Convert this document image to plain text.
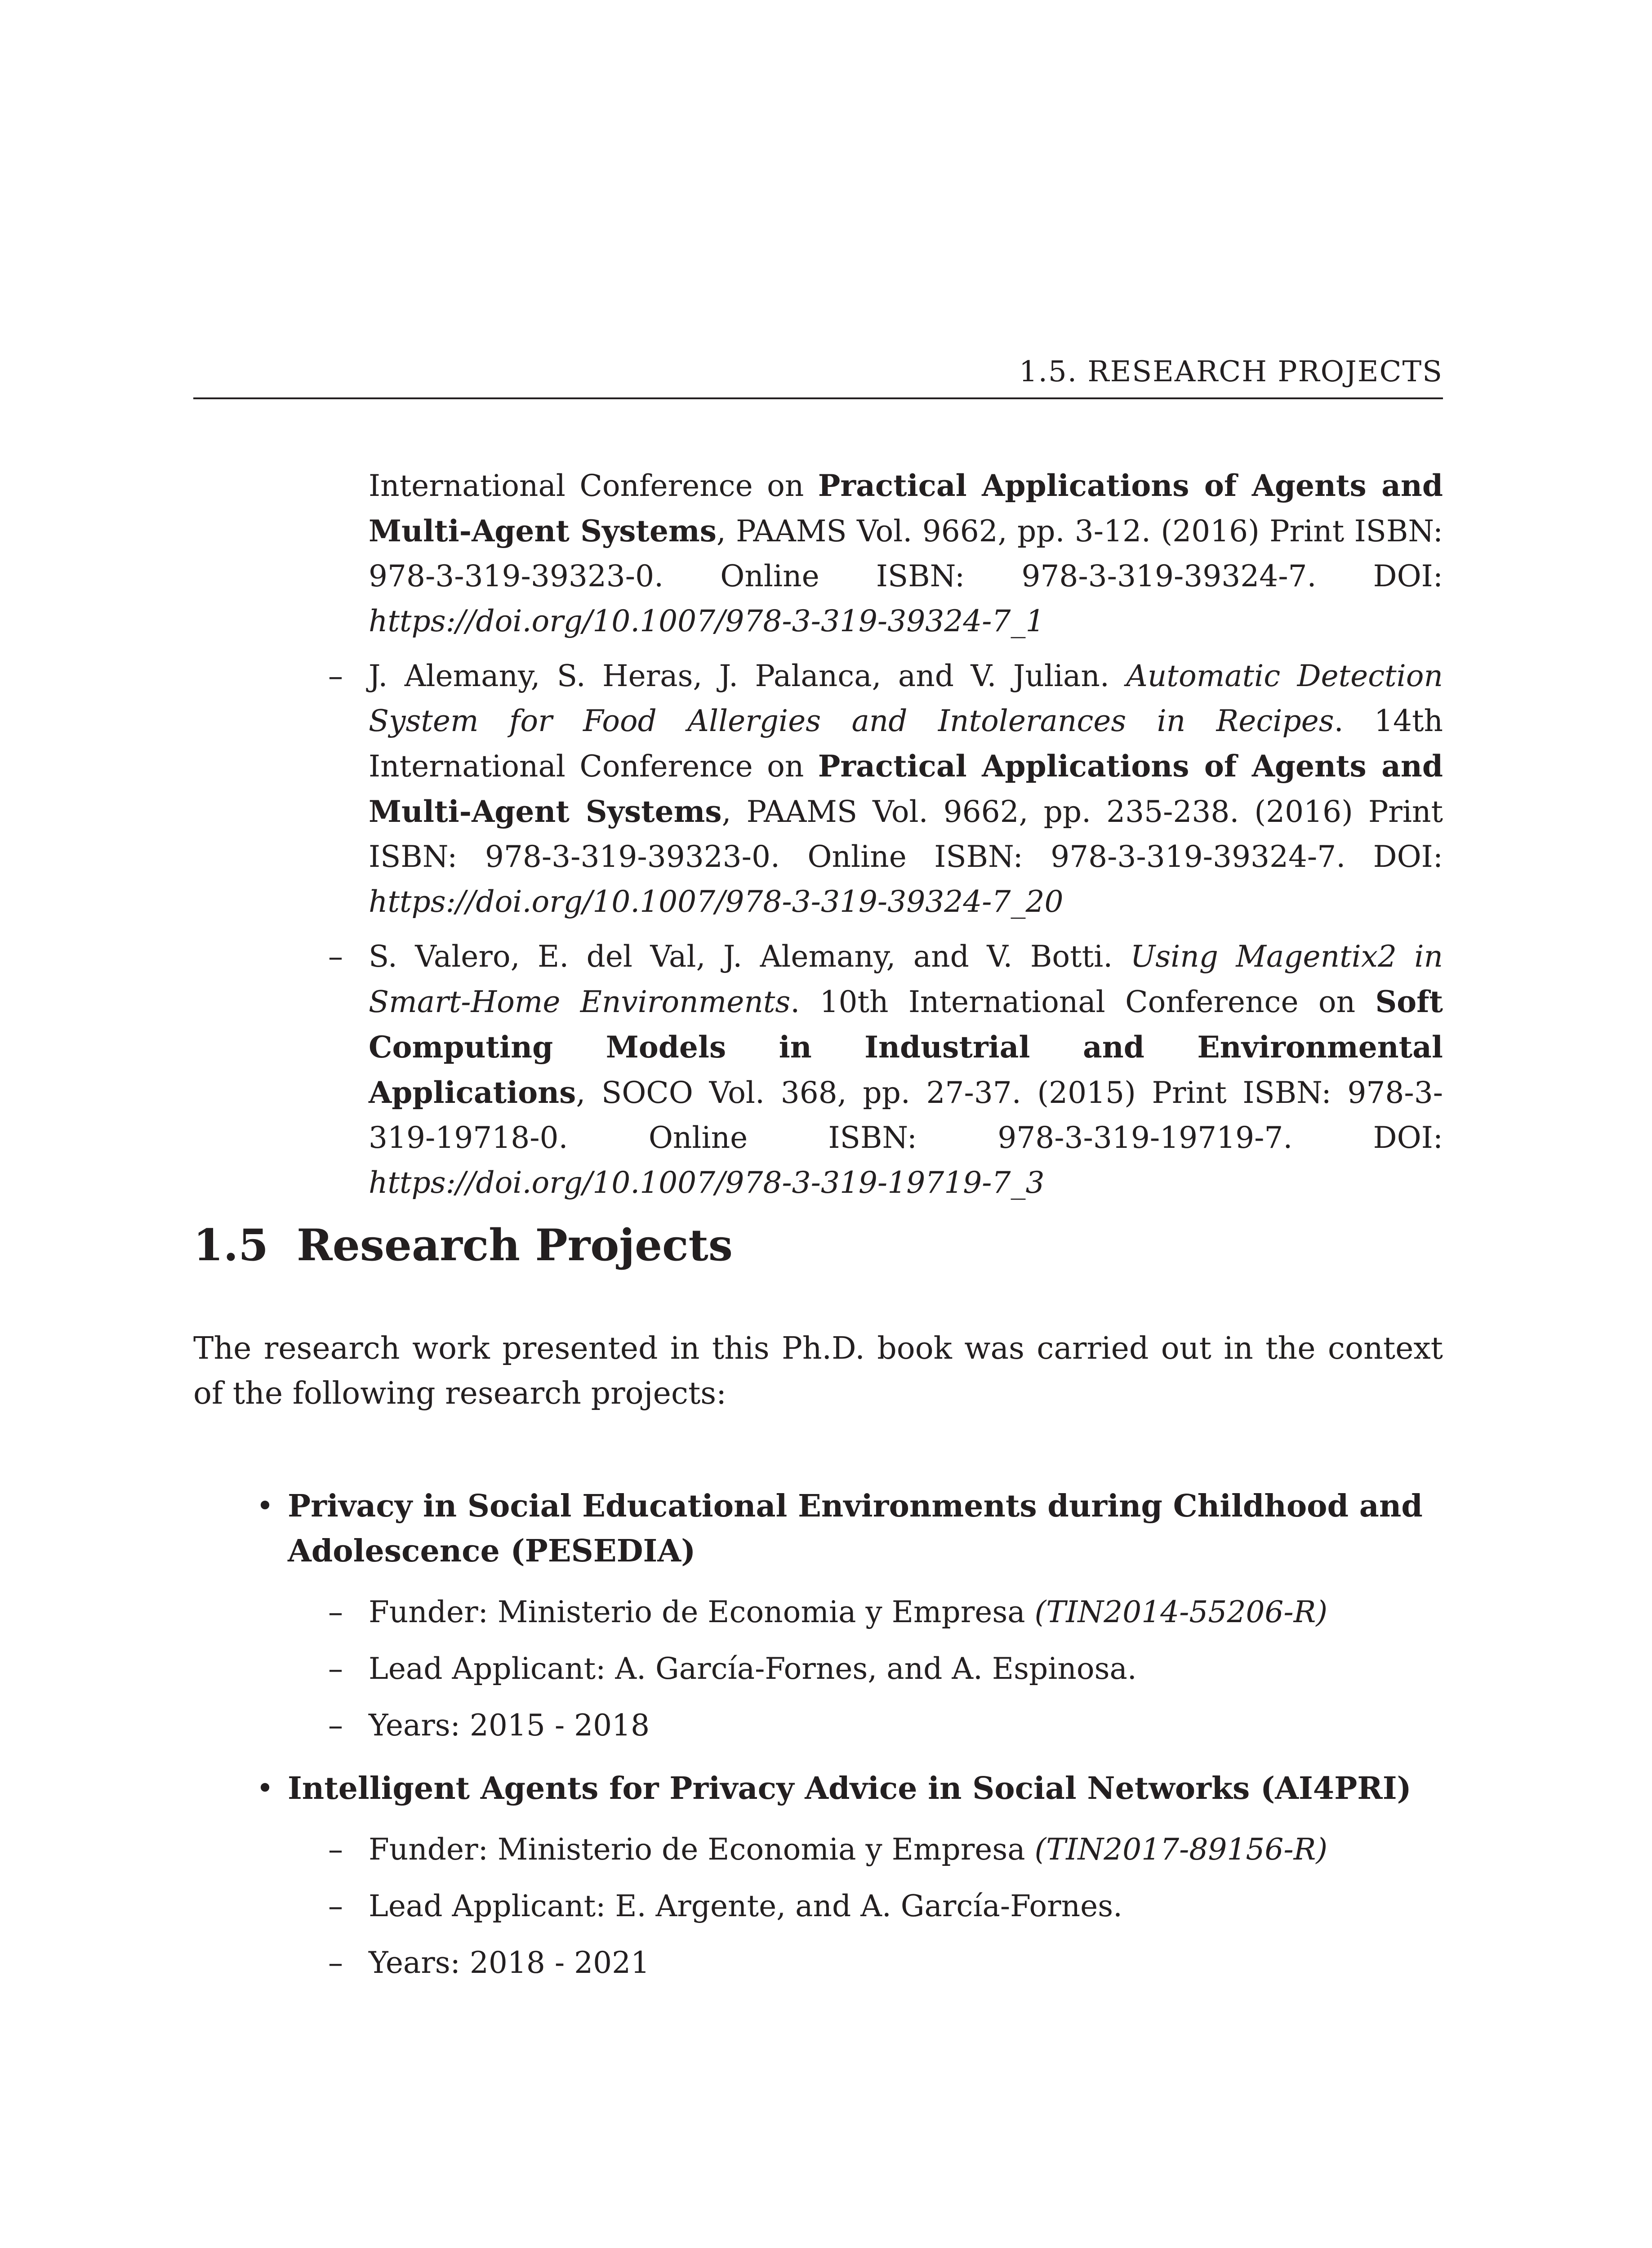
1.5. RESEARCH PROJECTS
International Conference on Practical Applications of Agents and Multi-Agent Systems, PAAMS Vol. 9662, pp. 3-12. (2016) Print ISBN: 978-3-319-39323-0. Online ISBN: 978-3-319-39324-7. DOI: https://doi.org/10.1007/978-3-319-39324-7_1
– J. Alemany, S. Heras, J. Palanca, and V. Julian. Automatic Detection System for Food Allergies and Intolerances in Recipes. 14th International Conference on Practical Applications of Agents and Multi-Agent Systems, PAAMS Vol. 9662, pp. 235-238. (2016) Print ISBN: 978-3-319-39323-0. Online ISBN: 978-3-319-39324-7. DOI: https://doi.org/10.1007/978-3-319-39324-7_20
– S. Valero, E. del Val, J. Alemany, and V. Botti. Using Magentix2 in Smart-Home Environments. 10th International Conference on Soft Computing Models in Industrial and Environmental Applications, SOCO Vol. 368, pp. 27-37. (2015) Print ISBN: 978-3-319-19718-0. Online ISBN: 978-3-319-19719-7. DOI: https://doi.org/10.1007/978-3-319-19719-7_3
1.5 Research Projects
The research work presented in this Ph.D. book was carried out in the context of the following research projects:
• Privacy in Social Educational Environments during Childhood and Adolescence (PESEDIA)
– Funder: Ministerio de Economia y Empresa (TIN2014-55206-R)
– Lead Applicant: A. García-Fornes, and A. Espinosa.
– Years: 2015 - 2018
• Intelligent Agents for Privacy Advice in Social Networks (AI4PRI)
– Funder: Ministerio de Economia y Empresa (TIN2017-89156-R)
– Lead Applicant: E. Argente, and A. García-Fornes.
– Years: 2018 - 2021
